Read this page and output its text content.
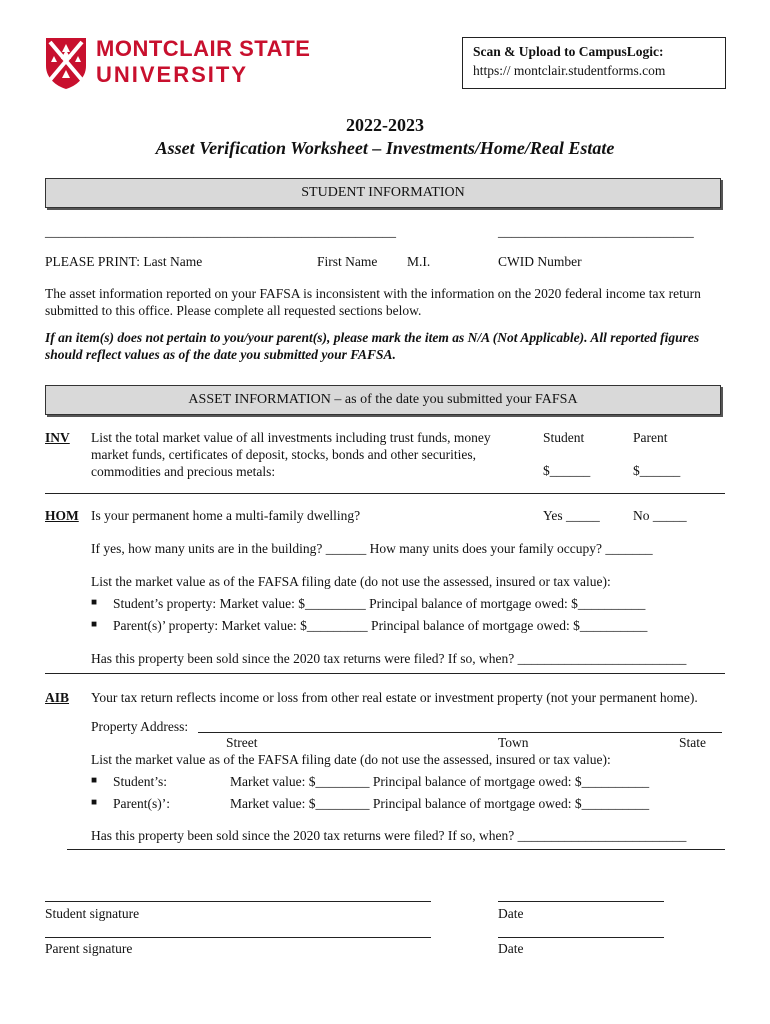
MONTCLAIR STATE
UNIVERSITY
Scan & Upload to CampusLogic:
https:// montclair.studentforms.com
2022-2023
Asset Verification Worksheet – Investments/Home/Real Estate
STUDENT INFORMATION
____________________________________________________	_____________________________
PLEASE PRINT: Last Name	First Name M.I.	CWID Number
The asset information reported on your FAFSA is inconsistent with the information on the 2020 federal income tax return submitted to this office. Please complete all requested sections below.
If an item(s) does not pertain to you/your parent(s), please mark the item as N/A (Not Applicable). All reported figures should reflect values as of the date you submitted your FAFSA.
ASSET INFORMATION – as of the date you submitted your FAFSA
INV List the total market value of all investments including trust funds, money market funds, certificates of deposit, stocks, bonds and other securities, commodities and precious metals:
Student	Parent
$______	$______
HOM Is your permanent home a multi-family dwelling?	Yes _____ No _____
If yes, how many units are in the building? ______ How many units does your family occupy? _______
List the market value as of the FAFSA filing date (do not use the assessed, insured or tax value):
■ Student’s property: Market value: $_________ Principal balance of mortgage owed: $__________
■ Parent(s)’ property: Market value: $_________ Principal balance of mortgage owed: $__________
Has this property been sold since the 2020 tax returns were filed? If so, when? _________________________
AIB Your tax return reflects income or loss from other real estate or investment property (not your permanent home).
Property Address:
Street	Town	State
List the market value as of the FAFSA filing date (do not use the assessed, insured or tax value):
■ Student’s:	Market value: $________ Principal balance of mortgage owed: $__________
■ Parent(s)’:	Market value: $________ Principal balance of mortgage owed: $__________
Has this property been sold since the 2020 tax returns were filed? If so, when? _________________________
Student signature	Date
Parent signature	Date
